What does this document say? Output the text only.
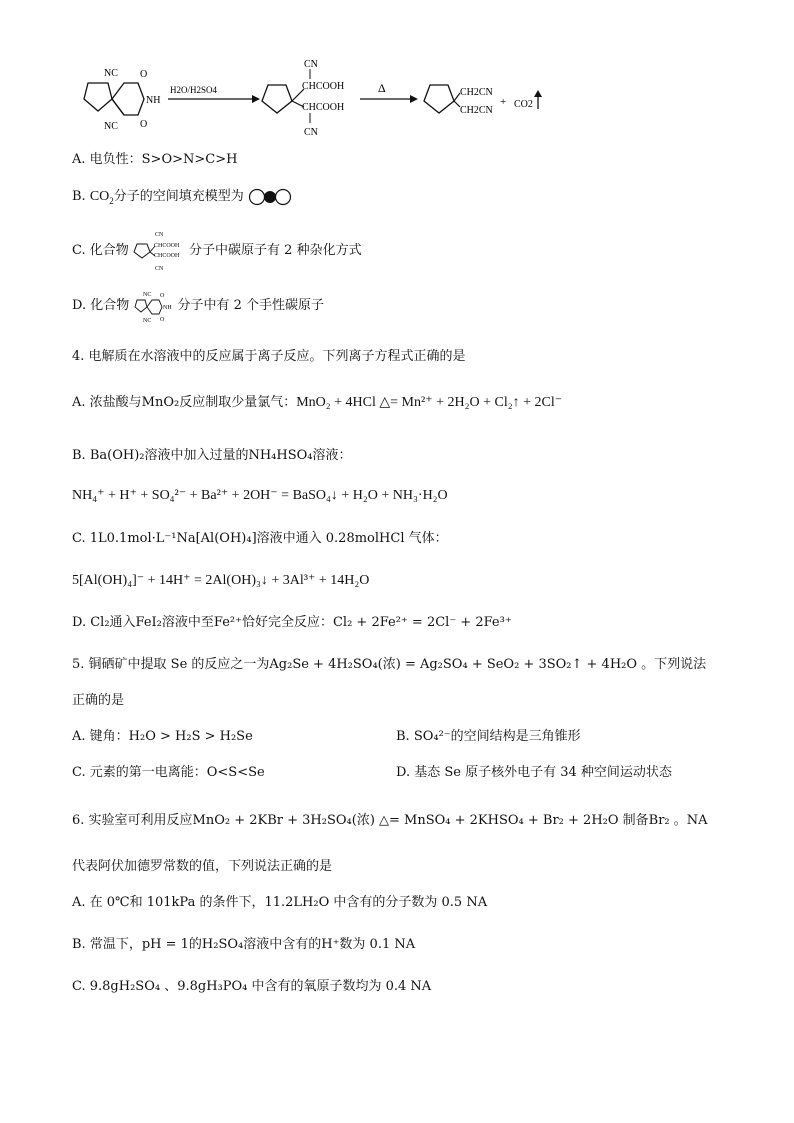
NC
NC
O
O
NH
H2O/H2SO4
CN
CHCOOH
CHCOOH
CN
Δ	CH2CN
CH2CN
+ CO2
A. 电负性：S>O>N>C>H
B. $CO_2$分子的空间填充模型为
C. 化合物
CN
CHCOOH
CHCOOH
CN
分子中碳原子有 2 种杂化方式
D. 化合物
NC
NC
O
O
NH 分子中有 2 个手性碳原子
4. 电解质在水溶液中的反应属于离子反应。下列离子方程式正确的是
A. 浓盐酸与MnO₂反应制取少量氯气：MnO₂ + 4HCl △= Mn²⁺ + 2H₂O + Cl₂↑ + 2Cl⁻
B. Ba(OH)₂溶液中加入过量的NH₄HSO₄溶液：
NH₄⁺ + H⁺ + SO₄²⁻ + Ba²⁺ + 2OH⁻ = BaSO₄↓ + H₂O + NH₃·H₂O
C. 1L0.1mol·L⁻¹Na[Al(OH)₄]溶液中通入 0.28molHCl 气体：
5[Al(OH)₄]⁻ + 14H⁺ = 2Al(OH)₃↓ + 3Al³⁺ + 14H₂O
D. Cl₂通入FeI₂溶液中至Fe²⁺恰好完全反应：Cl₂ + 2Fe²⁺ = 2Cl⁻ + 2Fe³⁺
5. 铜硒矿中提取 Se 的反应之一为Ag₂Se + 4H₂SO₄(浓) = Ag₂SO₄ + SeO₂ + 3SO₂↑ + 4H₂O 。下列说法
正确的是
A. 键角：H₂O > H₂S > H₂Se	B. SO₄²⁻的空间结构是三角锥形
C. 元素的第一电离能：O<S<Se	D. 基态 Se 原子核外电子有 34 种空间运动状态
6. 实验室可利用反应MnO₂ + 2KBr + 3H₂SO₄(浓) △= MnSO₄ + 2KHSO₄ + Br₂ + 2H₂O 制备Br₂ 。NA
代表阿伏加德罗常数的值，下列说法正确的是
A. 在 0℃和 101kPa 的条件下，11.2LH₂O 中含有的分子数为 0.5 NA
B. 常温下，pH = 1的H₂SO₄溶液中含有的H⁺数为 0.1 NA
C. 9.8gH₂SO₄ 、9.8gH₃PO₄ 中含有的氧原子数均为 0.4 NA
